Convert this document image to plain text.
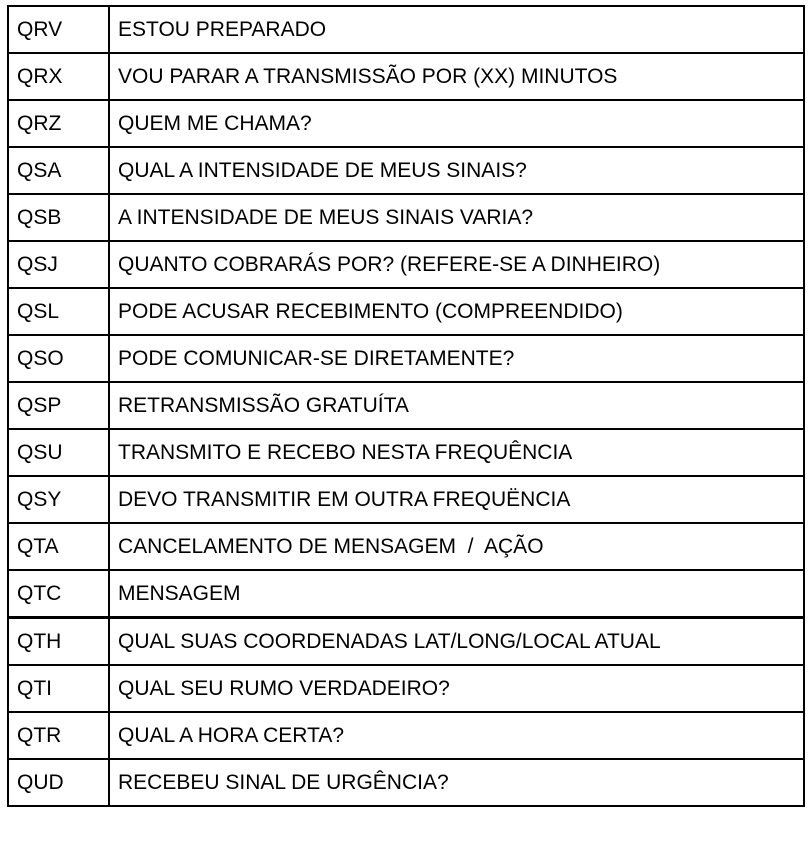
QRV	ESTOU PREPARADO
QRX	VOU PARAR A TRANSMISSÃO POR (XX) MINUTOS
QRZ	QUEM ME CHAMA?
QSA	QUAL A INTENSIDADE DE MEUS SINAIS?
QSB	A INTENSIDADE DE MEUS SINAIS VARIA?
QSJ	QUANTO COBRARÁS POR? (REFERE-SE A DINHEIRO)
QSL	PODE ACUSAR RECEBIMENTO (COMPREENDIDO)
QSO	PODE COMUNICAR-SE DIRETAMENTE?
QSP	RETRANSMISSÃO GRATUÍTA
QSU	TRANSMITO E RECEBO NESTA FREQUÊNCIA
QSY	DEVO TRANSMITIR EM OUTRA FREQUËNCIA
QTA	CANCELAMENTO DE MENSAGEM  /  AÇÃO
QTC	MENSAGEM
QTH	QUAL SUAS COORDENADAS LAT/LONG/LOCAL ATUAL
QTI	QUAL SEU RUMO VERDADEIRO?
QTR	QUAL A HORA CERTA?
QUD	RECEBEU SINAL DE URGÊNCIA?
